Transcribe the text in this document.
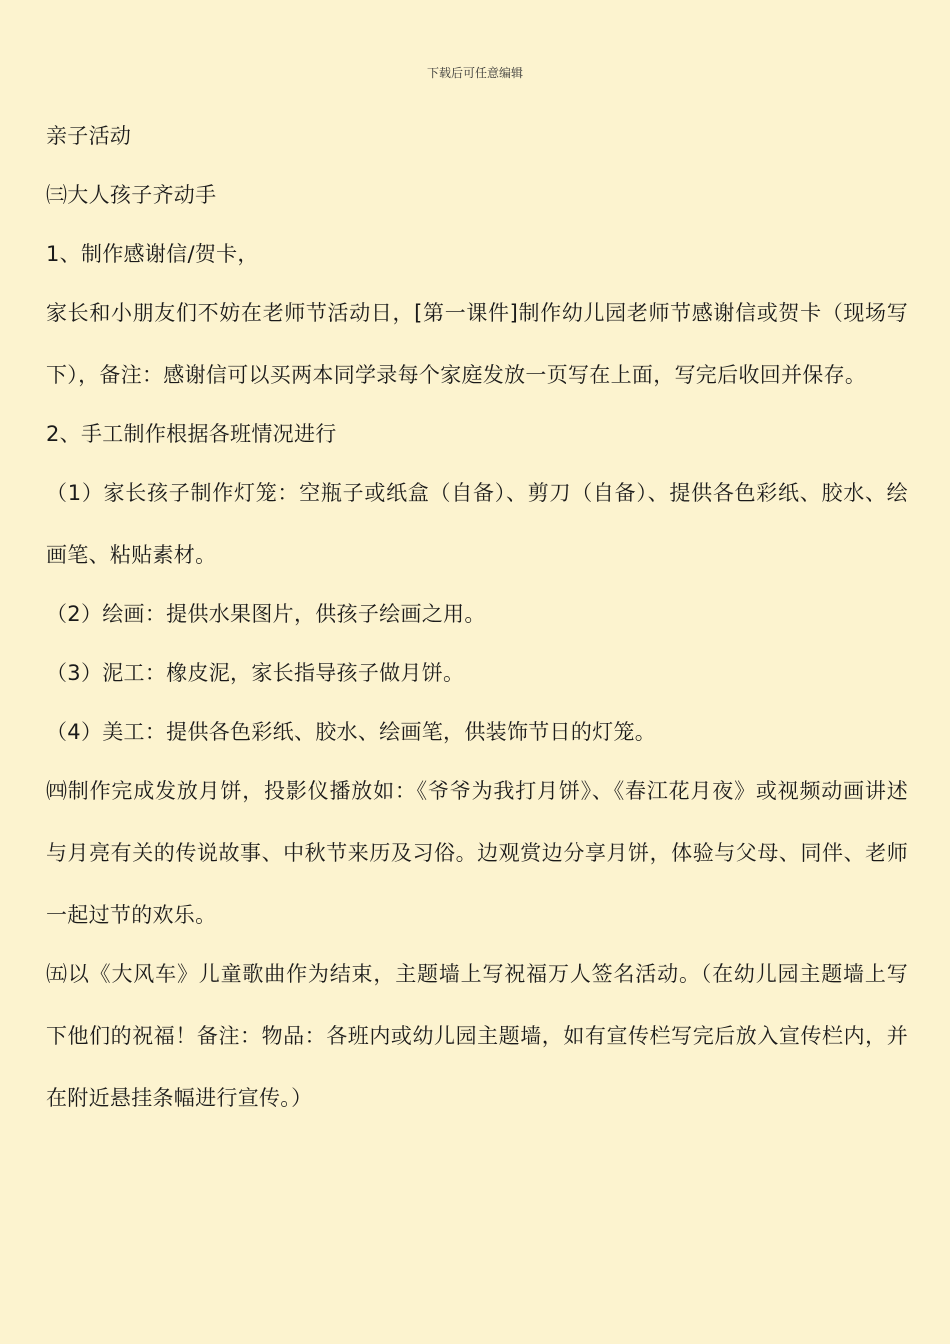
下载后可任意编辑

亲子活动

㈢大人孩子齐动手

1、制作感谢信/贺卡，

家长和小朋友们不妨在老师节活动日，[第一课件]制作幼儿园老师节感谢信或贺卡（现场写下），备注：感谢信可以买两本同学录每个家庭发放一页写在上面，写完后收回并保存。

2、手工制作根据各班情况进行

（1）家长孩子制作灯笼：空瓶子或纸盒（自备）、剪刀（自备）、提供各色彩纸、胶水、绘画笔、粘贴素材。

（2）绘画：提供水果图片，供孩子绘画之用。

（3）泥工：橡皮泥，家长指导孩子做月饼。

（4）美工：提供各色彩纸、胶水、绘画笔，供装饰节日的灯笼。

㈣制作完成发放月饼，投影仪播放如：《爷爷为我打月饼》、《春江花月夜》或视频动画讲述与月亮有关的传说故事、中秋节来历及习俗。边观赏边分享月饼，体验与父母、同伴、老师一起过节的欢乐。

㈤以《大风车》儿童歌曲作为结束，主题墙上写祝福万人签名活动。（在幼儿园主题墙上写下他们的祝福！备注：物品：各班内或幼儿园主题墙，如有宣传栏写完后放入宣传栏内，并在附近悬挂条幅进行宣传。）
